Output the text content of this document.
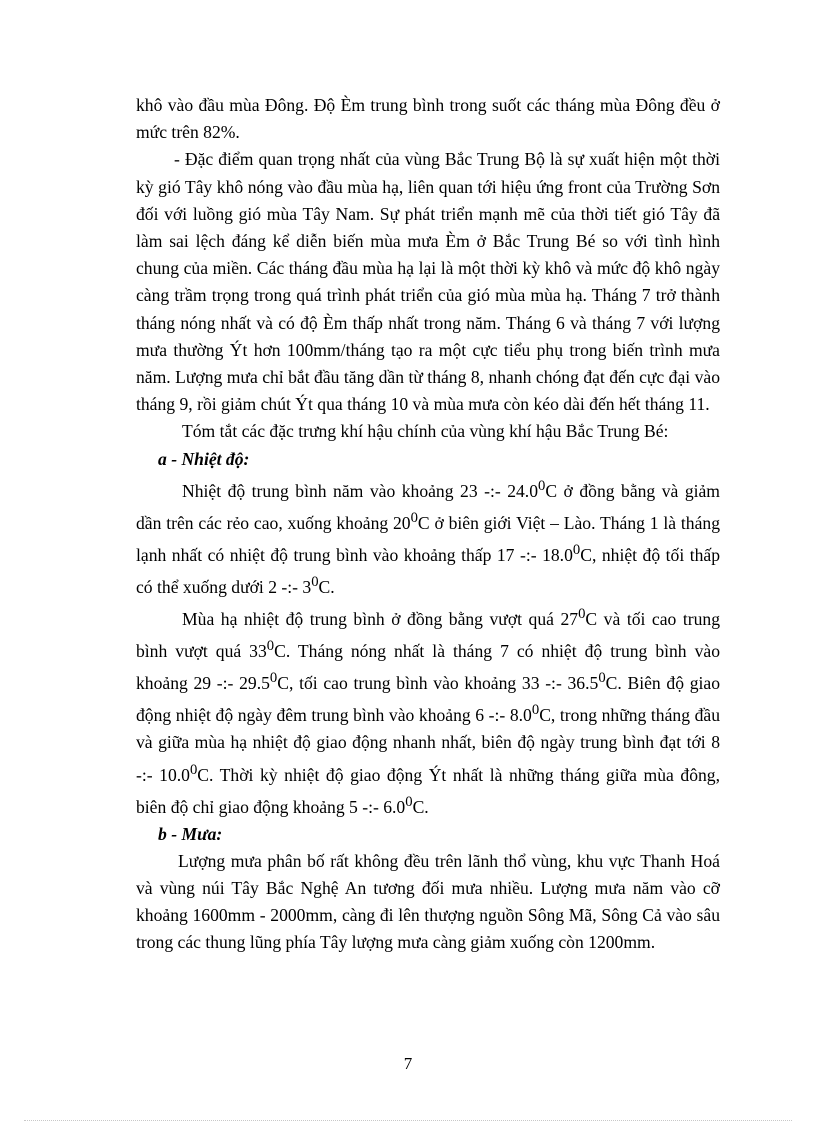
khô vào đầu mùa Đông. Độ Èm trung bình trong suốt các tháng mùa Đông đều ở mức trên 82%.

- Đặc điểm quan trọng nhất của vùng Bắc Trung Bộ là sự xuất hiện một thời kỳ gió Tây khô nóng vào đầu mùa hạ, liên quan tới hiệu ứng front của Trường Sơn đối với luồng gió mùa Tây Nam. Sự phát triển mạnh mẽ của thời tiết gió Tây đã làm sai lệch đáng kể diễn biến mùa mưa Èm ở Bắc Trung Bé so với tình hình chung của miền. Các tháng đầu mùa hạ lại là một thời kỳ khô và mức độ khô ngày càng trầm trọng trong quá trình phát triển của gió mùa mùa hạ. Tháng 7 trở thành tháng nóng nhất và có độ Èm thấp nhất trong năm. Tháng 6 và tháng 7 với lượng mưa thường Ýt hơn 100mm/tháng tạo ra một cực tiểu phụ trong biến trình mưa năm. Lượng mưa chỉ bắt đầu tăng dần từ tháng 8, nhanh chóng đạt đến cực đại vào tháng 9, rồi giảm chút Ýt qua tháng 10 và mùa mưa còn kéo dài đến hết tháng 11.

Tóm tắt các đặc trưng khí hậu chính của vùng khí hậu Bắc Trung Bé:

a - Nhiệt độ:

Nhiệt độ trung bình năm vào khoảng 23 -:- 24.0$^0$C ở đồng bằng và giảm dần trên các rẻo cao, xuống khoảng $20^0C$ ở biên giới Việt – Lào. Tháng 1 là tháng lạnh nhất có nhiệt độ trung bình vào khoảng thấp 17 -:- 18.0$^0$C, nhiệt độ tối thấp có thể xuống dưới 2 -:- $3^0C$.

Mùa hạ nhiệt độ trung bình ở đồng bằng vượt quá $27^0C$ và tối cao trung bình vượt quá $33^0C$. Tháng nóng nhất là tháng 7 có nhiệt độ trung bình vào khoảng 29 -:- 29.5$^0$C, tối cao trung bình vào khoảng 33 -:- 36.5$^0$C. Biên độ giao động nhiệt độ ngày đêm trung bình vào khoảng 6 -:- $8.0^0C$, trong những tháng đầu và giữa mùa hạ nhiệt độ giao động nhanh nhất, biên độ ngày trung bình đạt tới 8 -:- 10.0$^0$C. Thời kỳ nhiệt độ giao động Ýt nhất là những tháng giữa mùa đông, biên độ chỉ giao động khoảng 5 -:- $6.0^0C$.

b - Mưa:

Lượng mưa phân bố rất không đều trên lãnh thổ vùng, khu vực Thanh Hoá và vùng núi Tây Bắc Nghệ An tương đối mưa nhiều. Lượng mưa năm vào cỡ khoảng 1600mm - 2000mm, càng đi lên thượng nguồn Sông Mã, Sông Cả vào sâu trong các thung lũng phía Tây lượng mưa càng giảm xuống còn 1200mm.

7
